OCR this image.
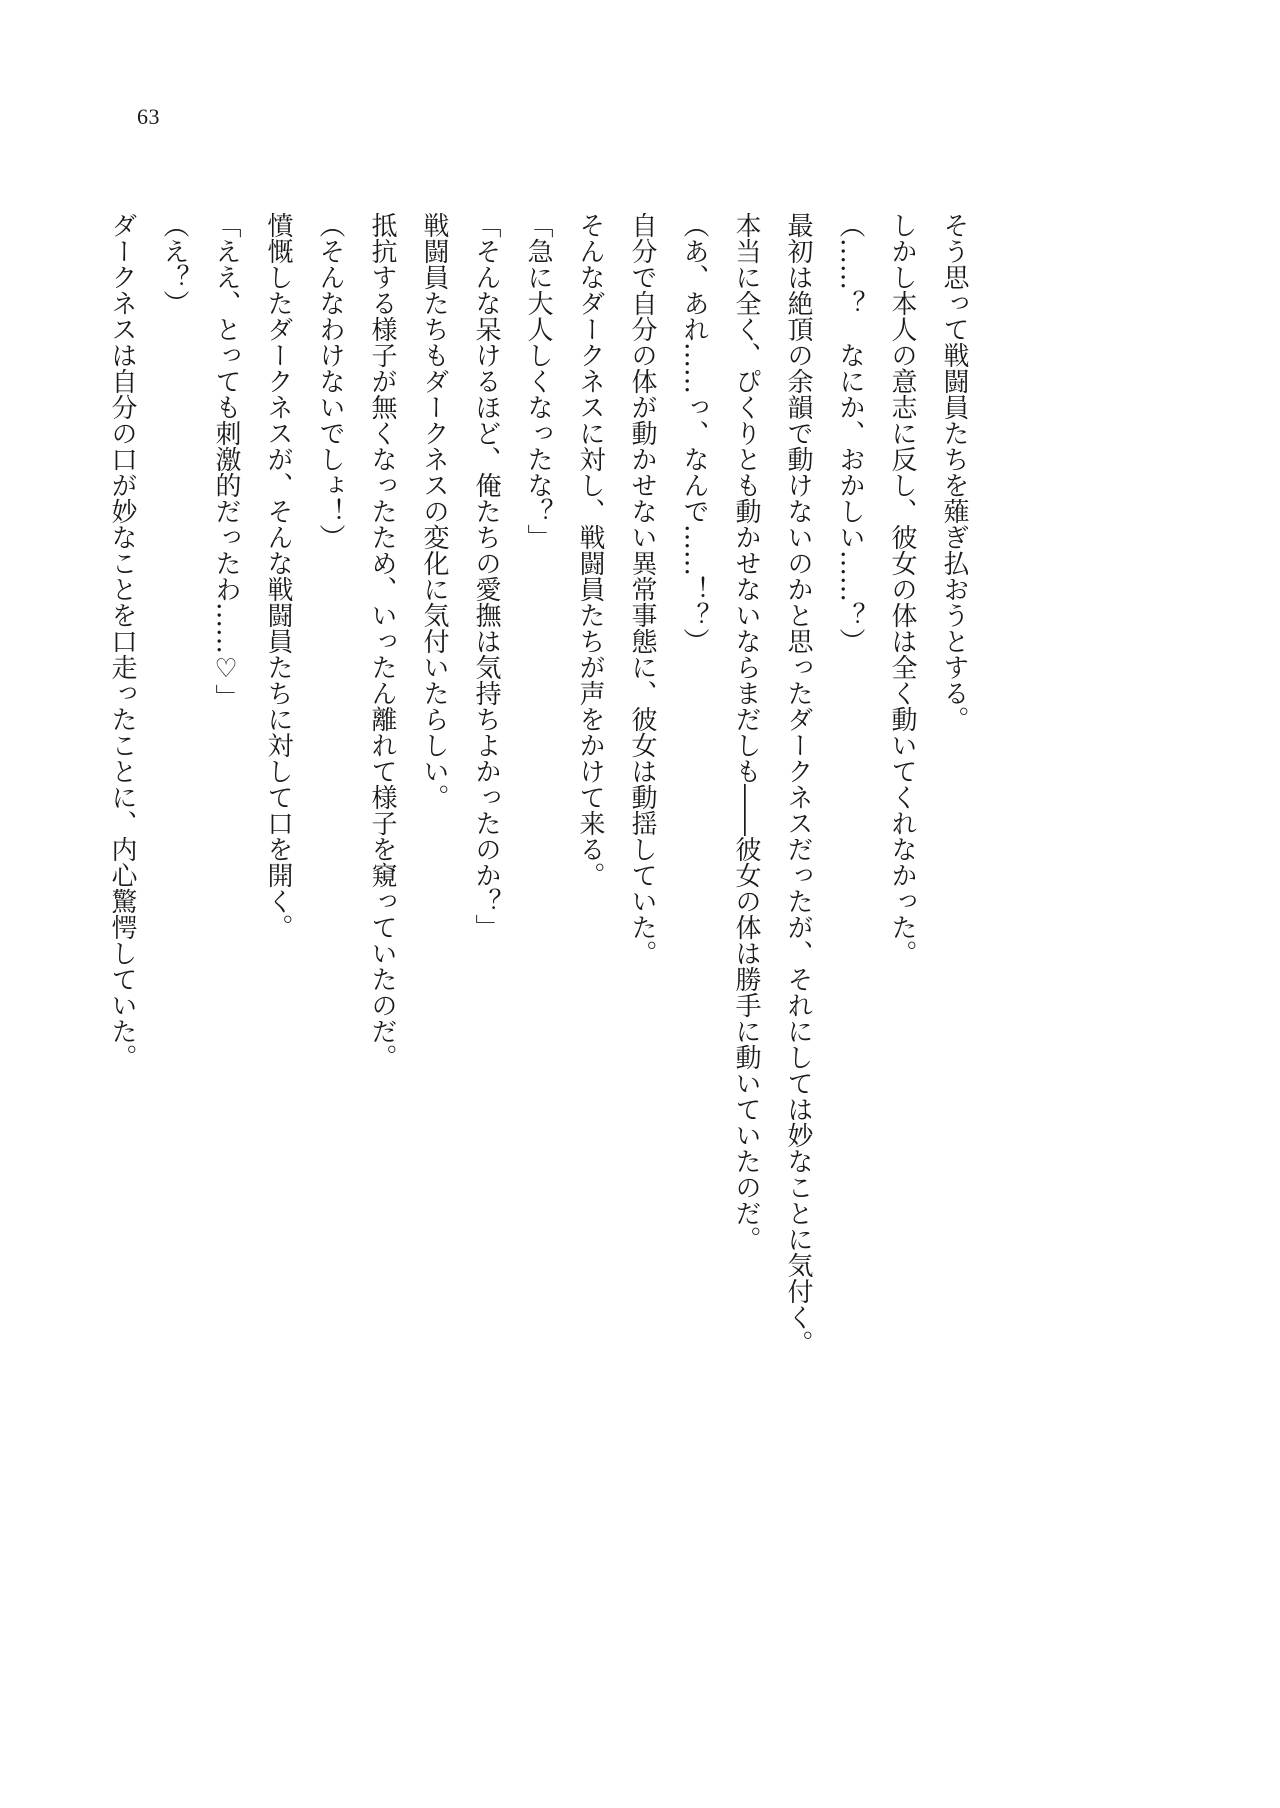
63

そう思って戦闘員たちを薙ぎ払おうとする。

しかし本人の意志に反し、彼女の体は全く動いてくれなかった。

（……？　なにか、おかしい……？）

最初は絶頂の余韻で動けないのかと思ったダークネスだったが、それにしては妙なことに気付く。

本当に全く、ぴくりとも動かせないならまだしも――彼女の体は勝手に動いていたのだ。

（あ、あれ……っ、なんで……！？）

自分で自分の体が動かせない異常事態に、彼女は動揺していた。

そんなダークネスに対し、戦闘員たちが声をかけて来る。

「急に大人しくなったな？」

「そんな呆けるほど、俺たちの愛撫は気持ちよかったのか？」

戦闘員たちもダークネスの変化に気付いたらしい。

抵抗する様子が無くなったため、いったん離れて様子を窺っていたのだ。

（そんなわけないでしょ！）

憤慨したダークネスが、そんな戦闘員たちに対して口を開く。

「ええ、とっても刺激的だったわ……♡」

（え？）

ダークネスは自分の口が妙なことを口走ったことに、内心驚愕していた。
